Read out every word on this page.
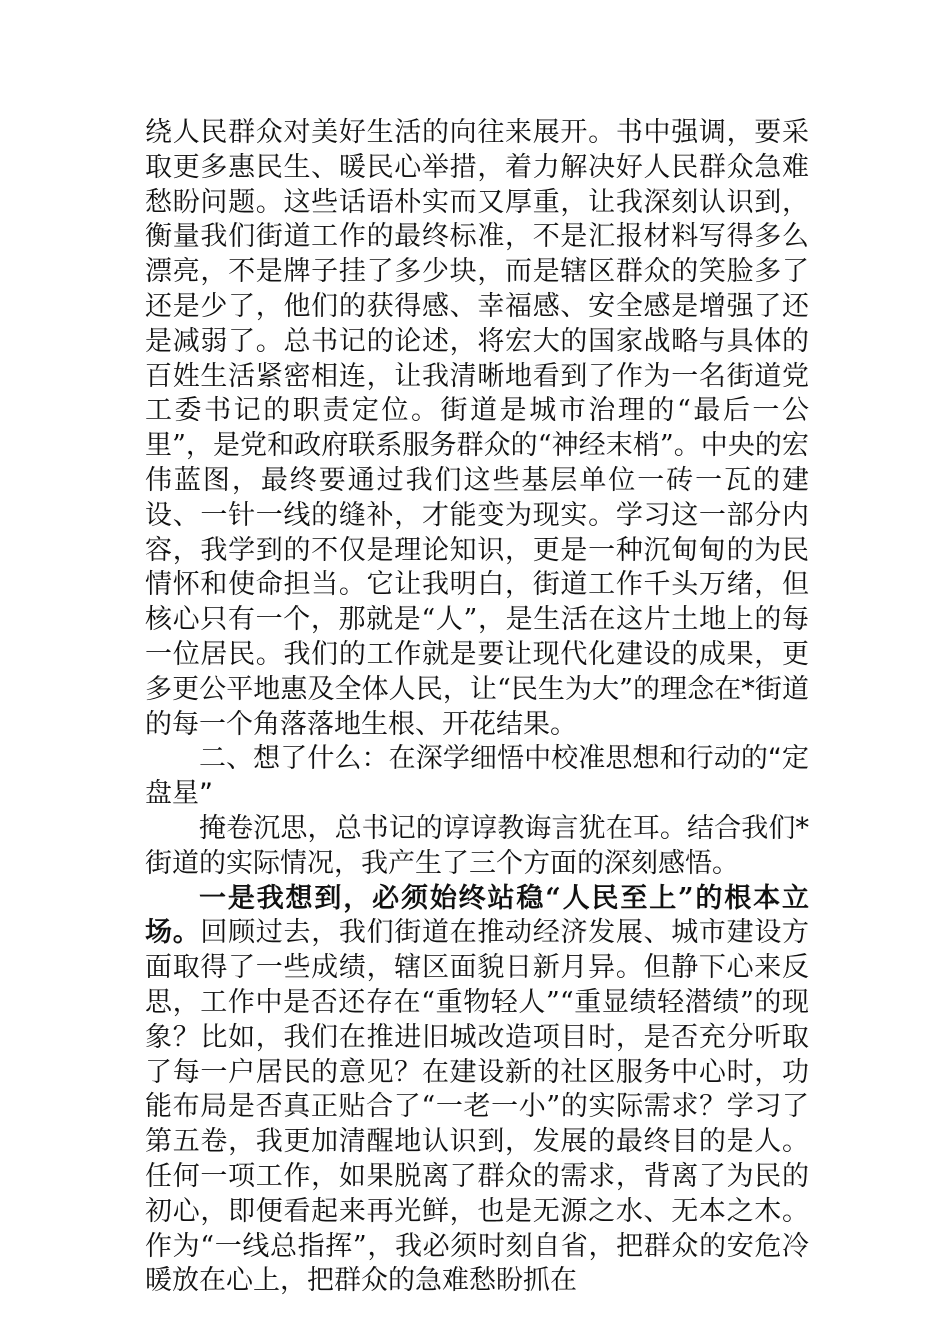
绕人民群众对美好生活的向往来展开。书中强调，要采取更多惠民生、暖民心举措，着力解决好人民群众急难愁盼问题。这些话语朴实而又厚重，让我深刻认识到，衡量我们街道工作的最终标准，不是汇报材料写得多么漂亮，不是牌子挂了多少块，而是辖区群众的笑脸多了还是少了，他们的获得感、幸福感、安全感是增强了还是减弱了。总书记的论述，将宏大的国家战略与具体的百姓生活紧密相连，让我清晰地看到了作为一名街道党工委书记的职责定位。街道是城市治理的“最后一公里”，是党和政府联系服务群众的“神经末梢”。中央的宏伟蓝图，最终要通过我们这些基层单位一砖一瓦的建设、一针一线的缝补，才能变为现实。学习这一部分内容，我学到的不仅是理论知识，更是一种沉甸甸的为民情怀和使命担当。它让我明白，街道工作千头万绪，但核心只有一个，那就是“人”，是生活在这片土地上的每一位居民。我们的工作就是要让现代化建设的成果，更多更公平地惠及全体人民，让“民生为大”的理念在*街道的每一个角落落地生根、开花结果。

二、想了什么：在深学细悟中校准思想和行动的“定盘星”

掩卷沉思，总书记的谆谆教诲言犹在耳。结合我们*街道的实际情况，我产生了三个方面的深刻感悟。

一是我想到，必须始终站稳“人民至上”的根本立场。回顾过去，我们街道在推动经济发展、城市建设方面取得了一些成绩，辖区面貌日新月异。但静下心来反思，工作中是否还存在“重物轻人”“重显绩轻潜绩”的现象？比如，我们在推进旧城改造项目时，是否充分听取了每一户居民的意见？在建设新的社区服务中心时，功能布局是否真正贴合了“一老一小”的实际需求？学习了第五卷，我更加清醒地认识到，发展的最终目的是人。任何一项工作，如果脱离了群众的需求，背离了为民的初心，即便看起来再光鲜，也是无源之水、无本之木。作为“一线总指挥”，我必须时刻自省，把群众的安危冷暖放在心上，把群众的急难愁盼抓在
